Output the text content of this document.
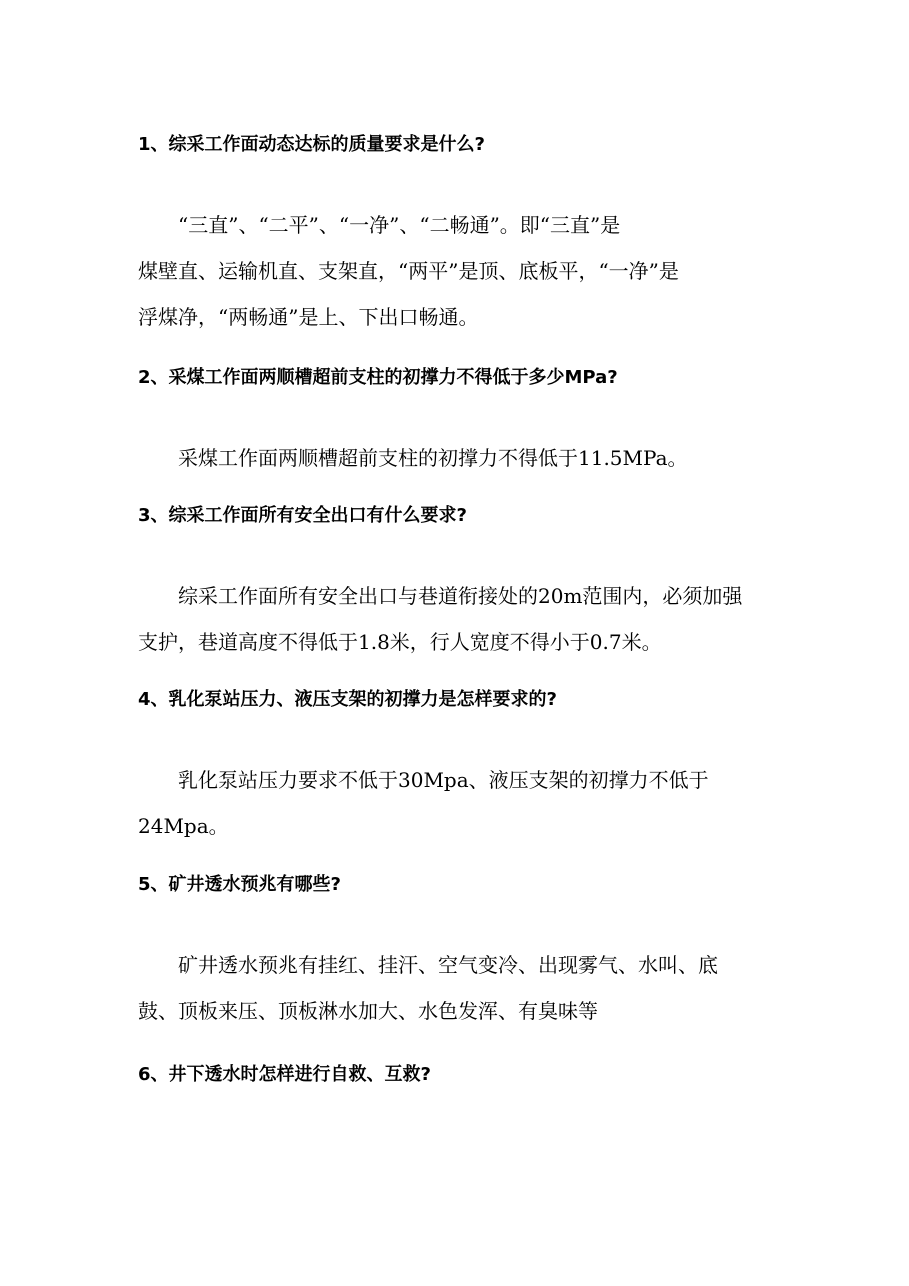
1、综采工作面动态达标的质量要求是什么?

“三直”、“二平”、“一净”、“二畅通”。即“三直”是
煤壁直、运输机直、支架直，“两平”是顶、底板平，“一净”是
浮煤净，“两畅通”是上、下出口畅通。

2、采煤工作面两顺槽超前支柱的初撑力不得低于多少MPa?

采煤工作面两顺槽超前支柱的初撑力不得低于11.5MPa。

3、综采工作面所有安全出口有什么要求?

综采工作面所有安全出口与巷道衔接处的20m范围内，必须加强
支护，巷道高度不得低于1.8米，行人宽度不得小于0.7米。

4、乳化泵站压力、液压支架的初撑力是怎样要求的?

乳化泵站压力要求不低于30Mpa、液压支架的初撑力不低于
24Mpa。

5、矿井透水预兆有哪些?

矿井透水预兆有挂红、挂汗、空气变冷、出现雾气、水叫、底
鼓、顶板来压、顶板淋水加大、水色发浑、有臭味等

6、井下透水时怎样进行自救、互救?
